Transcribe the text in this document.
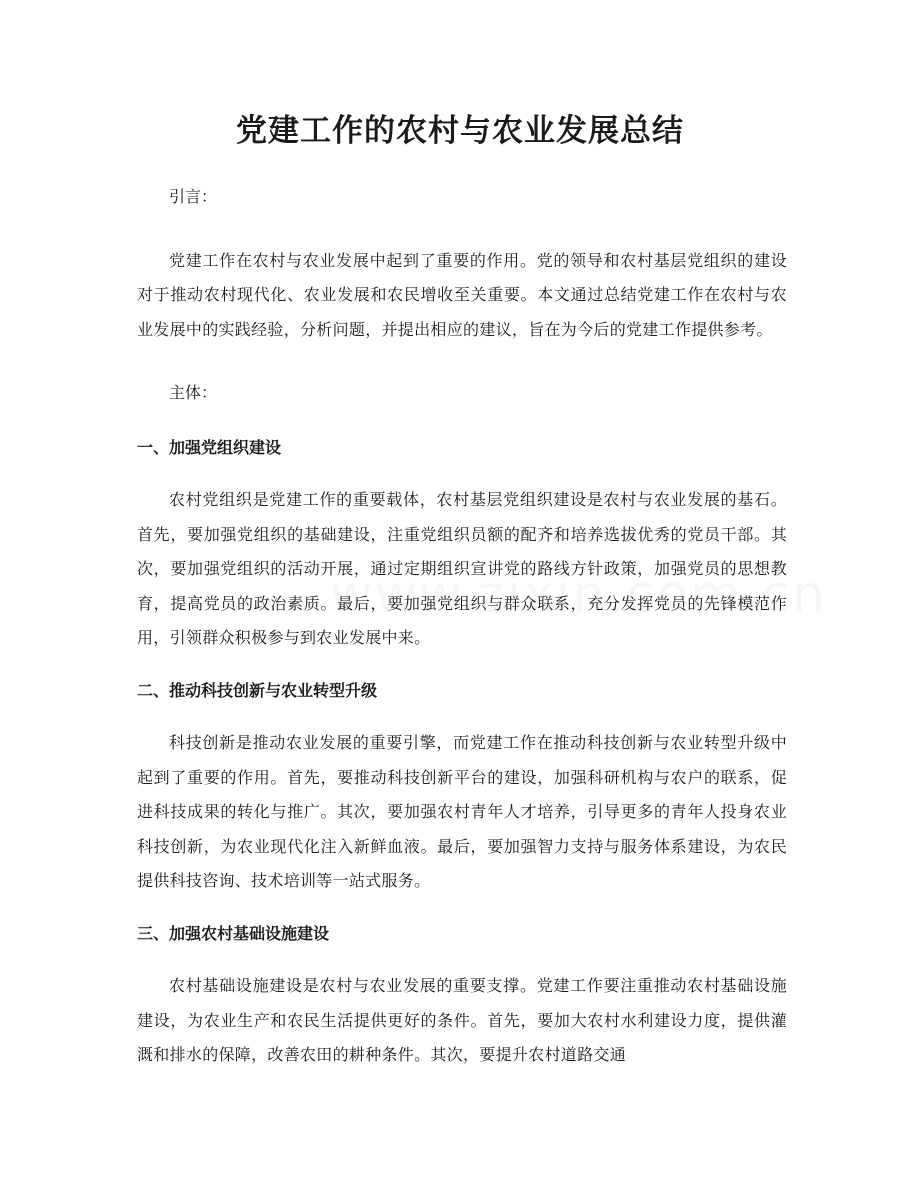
党建工作的农村与农业发展总结

引言：

党建工作在农村与农业发展中起到了重要的作用。党的领导和农村基层党组织的建设对于推动农村现代化、农业发展和农民增收至关重要。本文通过总结党建工作在农村与农业发展中的实践经验，分析问题，并提出相应的建议，旨在为今后的党建工作提供参考。

主体：

一、加强党组织建设

农村党组织是党建工作的重要载体，农村基层党组织建设是农村与农业发展的基石。首先，要加强党组织的基础建设，注重党组织员额的配齐和培养选拔优秀的党员干部。其次，要加强党组织的活动开展，通过定期组织宣讲党的路线方针政策，加强党员的思想教育，提高党员的政治素质。最后，要加强党组织与群众联系，充分发挥党员的先锋模范作用，引领群众积极参与到农业发展中来。

二、推动科技创新与农业转型升级

科技创新是推动农业发展的重要引擎，而党建工作在推动科技创新与农业转型升级中起到了重要的作用。首先，要推动科技创新平台的建设，加强科研机构与农户的联系，促进科技成果的转化与推广。其次，要加强农村青年人才培养，引导更多的青年人投身农业科技创新，为农业现代化注入新鲜血液。最后，要加强智力支持与服务体系建设，为农民提供科技咨询、技术培训等一站式服务。

三、加强农村基础设施建设

农村基础设施建设是农村与农业发展的重要支撑。党建工作要注重推动农村基础设施建设，为农业生产和农民生活提供更好的条件。首先，要加大农村水利建设力度，提供灌溉和排水的保障，改善农田的耕种条件。其次，要提升农村道路交通
